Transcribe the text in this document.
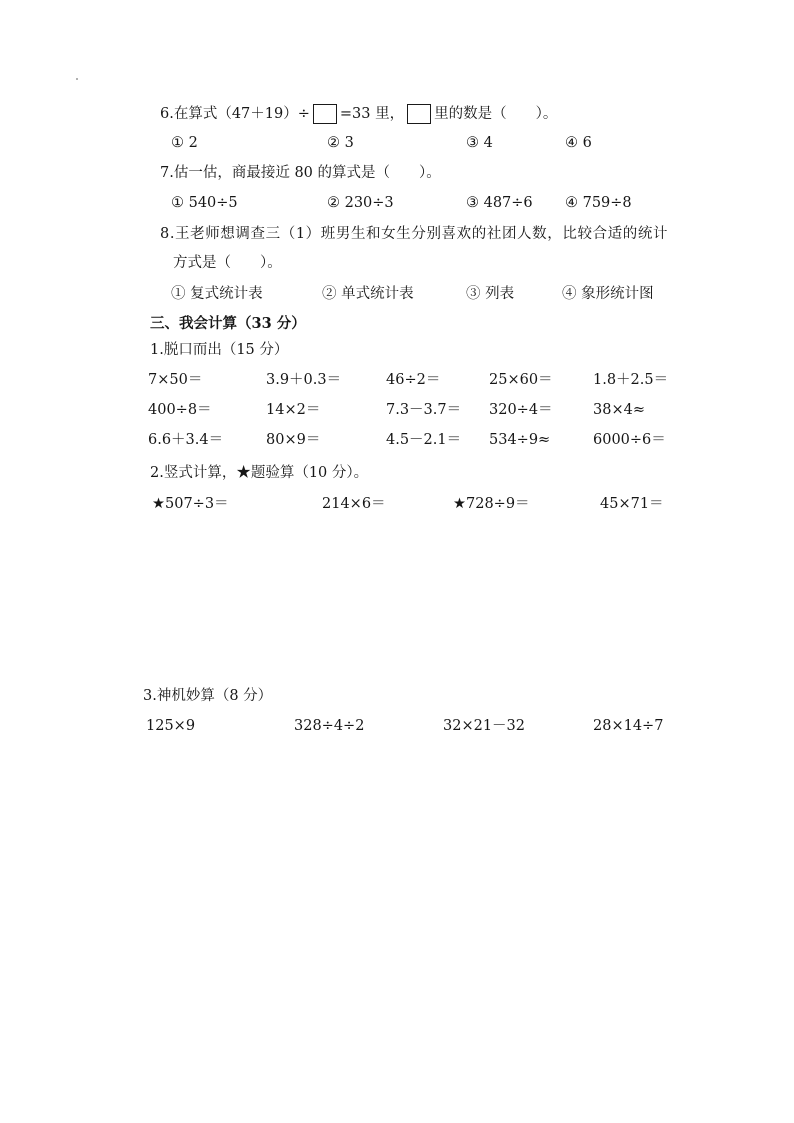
6.在算式（47＋19）÷ =33 里， 里的数是（　　）。
① 2	② 3	③ 4	④ 6
7.估一估，商最接近 80 的算式是（　　）。
① 540÷5	② 230÷3	③ 487÷6 ④ 759÷8
8.王老师想调查三（1）班男生和女生分别喜欢的社团人数，比较合适的统计
方式是（　　）。
① 复式统计表	② 单式统计表	③ 列表	④ 象形统计图
三、我会计算（33 分）
1.脱口而出（15 分）
7×50＝	3.9＋0.3＝	46÷2＝	25×60＝	1.8＋2.5＝
400÷8＝	14×2＝	7.3－3.7＝ 320÷4＝	38×4≈
6.6＋3.4＝	80×9＝	4.5－2.1＝ 534÷9≈	6000÷6＝
2.竖式计算，★题验算（10 分）。
★507÷3＝	214×6＝	★728÷9＝	45×71＝
3.神机妙算（8 分）
125×9	328÷4÷2	32×21－32	28×14÷7
